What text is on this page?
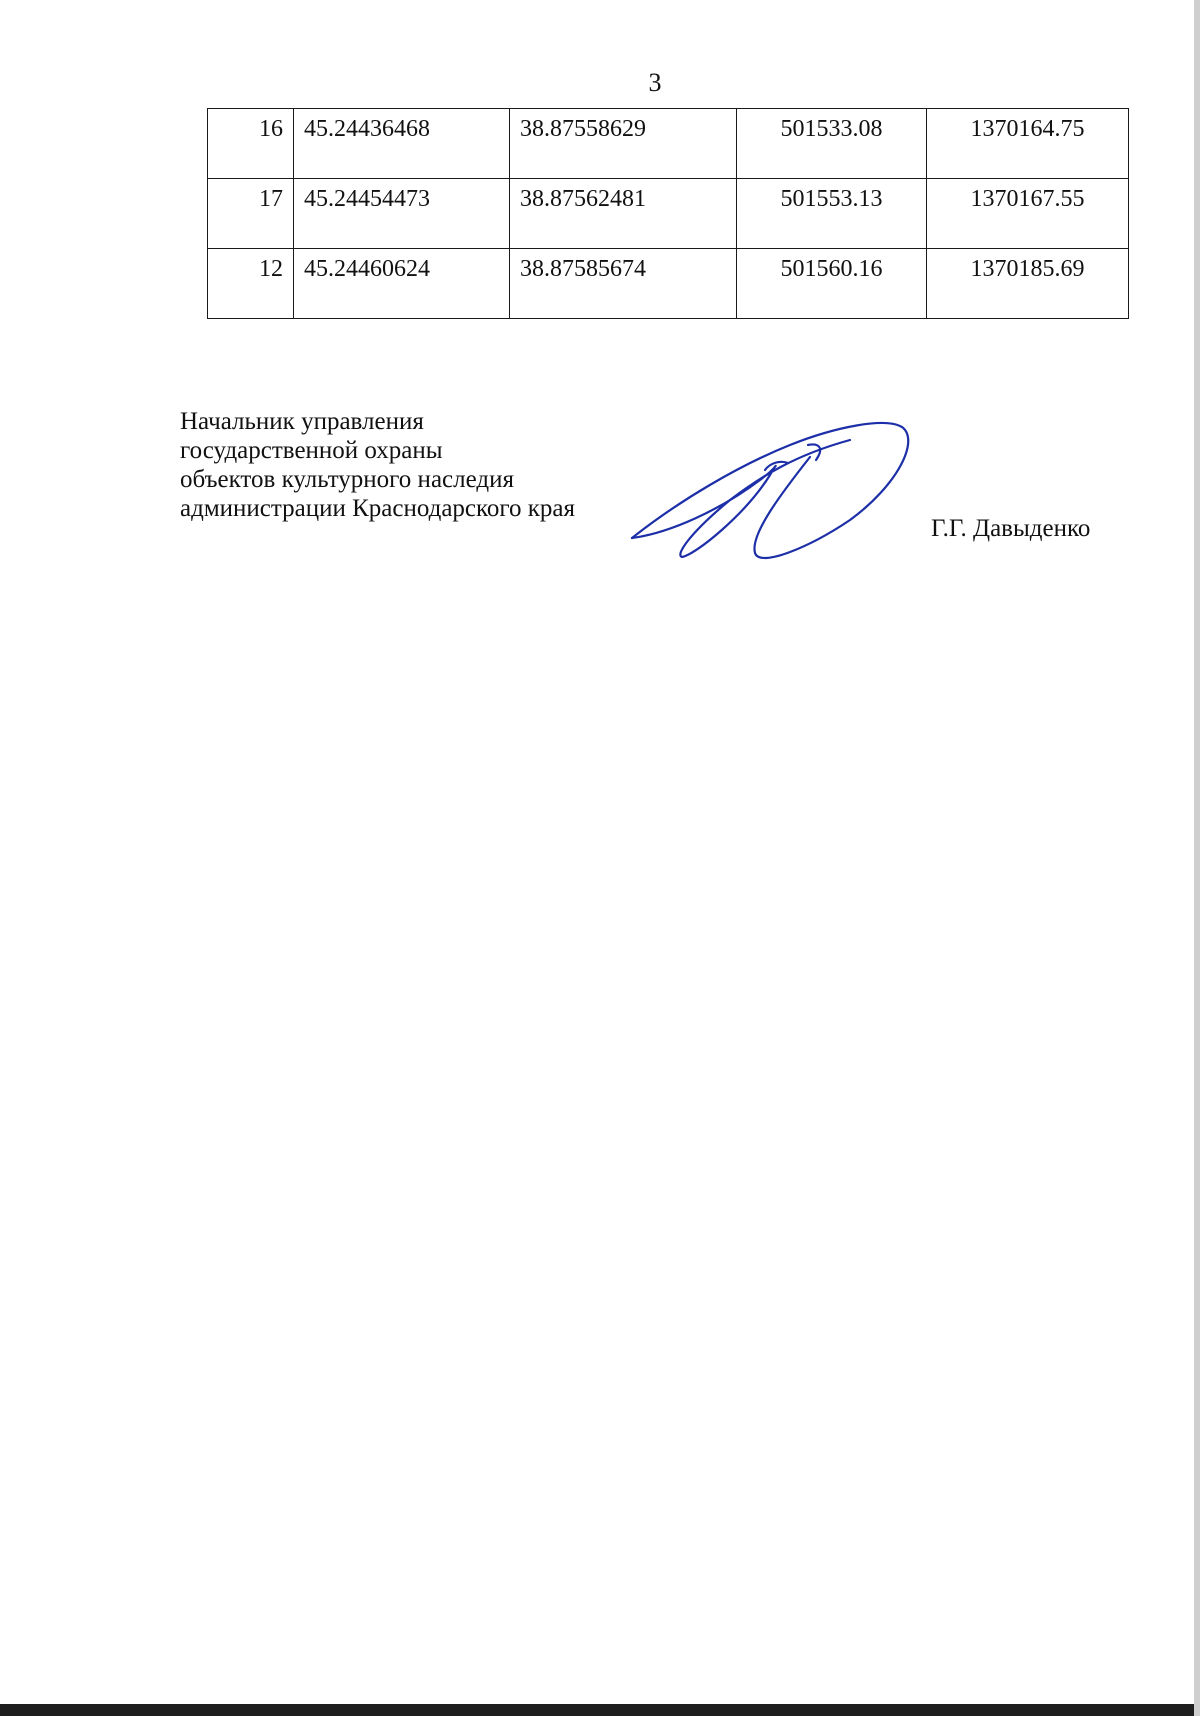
3
16	45.24436468	38.87558629	501533.08	1370164.75
17	45.24454473	38.87562481	501553.13	1370167.55
12	45.24460624	38.87585674	501560.16	1370185.69
Начальник управления
государственной охраны
объектов культурного наследия
администрации Краснодарского края
Г.Г. Давыденко
